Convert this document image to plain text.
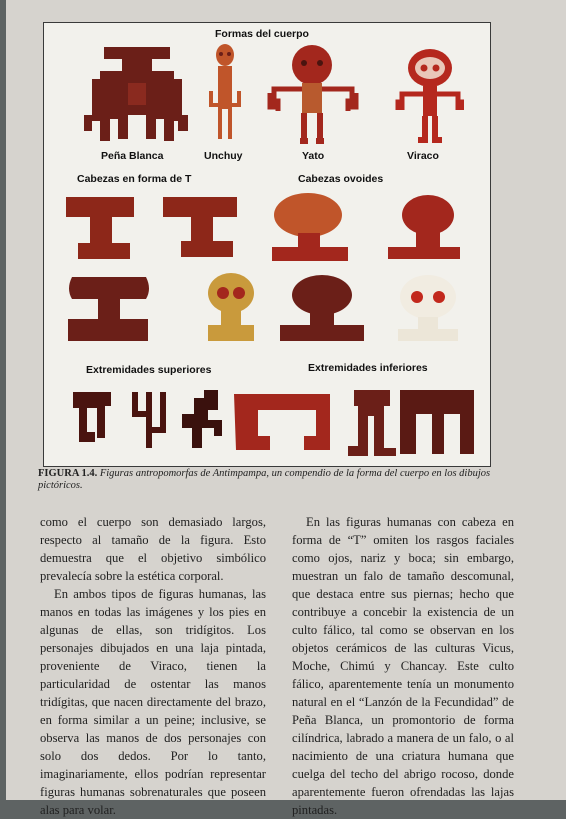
Formas del cuerpo
Cabezas en forma de T	Cabezas ovoides
Extremidades superiores	Extremidades inferiores
Peña Blanca	Unchuy	Yato	Viraco
FIGURA 1.4. Figuras antropomorfas de Antimpampa, un compendio de la forma del cuerpo en los dibujos pictóricos.

como el cuerpo son demasiado largos, respecto al tamaño de la figura. Esto demuestra que el objetivo simbólico prevalecía sobre la estética corporal.

En ambos tipos de figuras humanas, las manos en todas las imágenes y los pies en algunas de ellas, son tridígitos. Los personajes dibujados en una laja pintada, proveniente de Viraco, tienen la particularidad de ostentar las manos tridígitas, que nacen directamente del brazo, en forma similar a un peine; inclusive, se observa las manos de dos personajes con solo dos dedos. Por lo tanto, imaginariamente, ellos podrían representar figuras humanas sobrenaturales que poseen alas para volar.

En las figuras humanas con cabeza en forma de “T” omiten los rasgos faciales como ojos, nariz y boca; sin embargo, muestran un falo de tamaño descomunal, que destaca entre sus piernas; hecho que contribuye a concebir la existencia de un culto fálico, tal como se observan en los objetos cerámicos de las culturas Vicus, Moche, Chimú y Chancay. Este culto fálico, aparentemente tenía un monumento natural en el “Lanzón de la Fecundidad” de Peña Blanca, un promontorio de forma cilíndrica, labrado a manera de un falo, o al nacimiento de una criatura humana que cuelga del techo del abrigo rocoso, donde aparentemente fueron ofrendadas las lajas pintadas.
